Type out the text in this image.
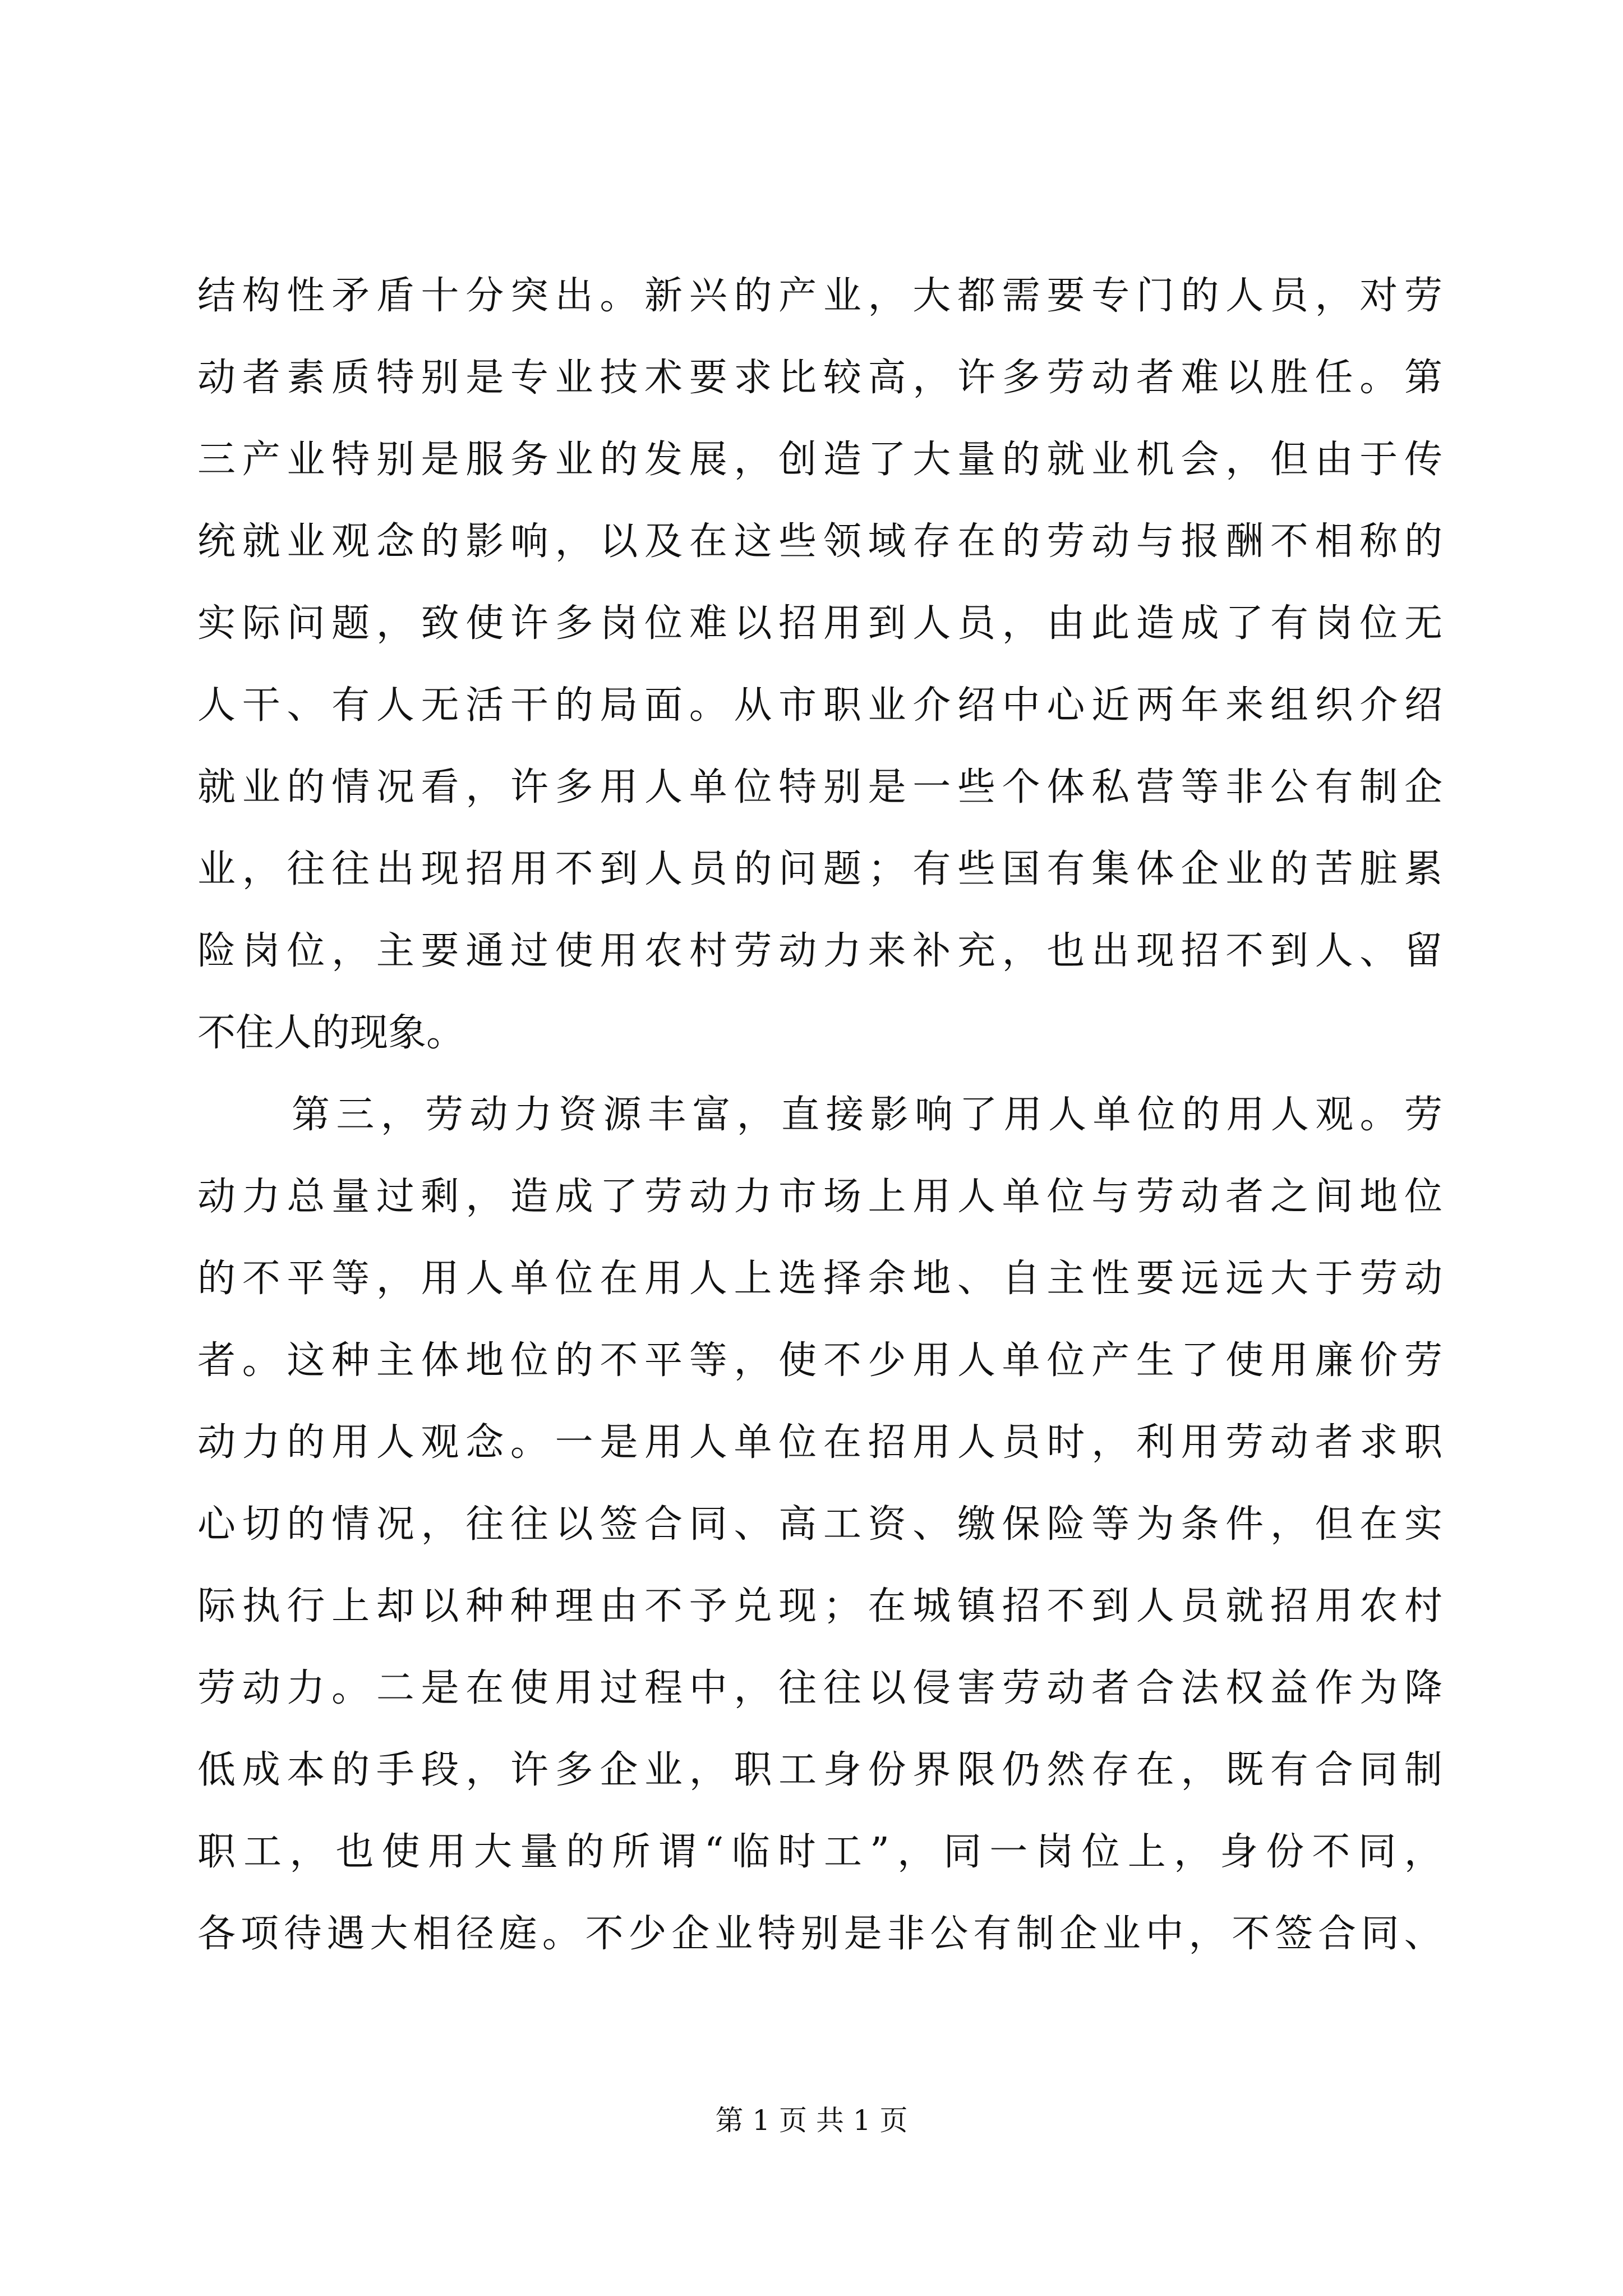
结 构 性 矛 盾 十 分 突 出 。 新 兴 的 产 业 ， 大 都 需 要 专 门 的 人 员 ， 对 劳
动 者 素 质 特 别 是 专 业 技 术 要 求 比 较 高 ， 许 多 劳 动 者 难 以 胜 任 。 第
三 产 业 特 别 是 服 务 业 的 发 展 ， 创 造 了 大 量 的 就 业 机 会 ， 但 由 于 传
统 就 业 观 念 的 影 响 ， 以 及 在 这 些 领 域 存 在 的 劳 动 与 报 酬 不 相 称 的
实 际 问 题 ， 致 使 许 多 岗 位 难 以 招 用 到 人 员 ， 由 此 造 成 了 有 岗 位 无
人 干 、 有 人 无 活 干 的 局 面 。 从 市 职 业 介 绍 中 心 近 两 年 来 组 织 介 绍
就 业 的 情 况 看 ， 许 多 用 人 单 位 特 别 是 一 些 个 体 私 营 等 非 公 有 制 企
业 ， 往 往 出 现 招 用 不 到 人 员 的 问 题 ； 有 些 国 有 集 体 企 业 的 苦 脏 累
险 岗 位 ， 主 要 通 过 使 用 农 村 劳 动 力 来 补 充 ， 也 出 现 招 不 到 人 、 留
不 住 人 的 现 象 。
第 三 ， 劳 动 力 资 源 丰 富 ， 直 接 影 响 了 用 人 单 位 的 用 人 观 。 劳
动 力 总 量 过 剩 ， 造 成 了 劳 动 力 市 场 上 用 人 单 位 与 劳 动 者 之 间 地 位
的 不 平 等 ， 用 人 单 位 在 用 人 上 选 择 余 地 、 自 主 性 要 远 远 大 于 劳 动
者 。 这 种 主 体 地 位 的 不 平 等 ， 使 不 少 用 人 单 位 产 生 了 使 用 廉 价 劳
动 力 的 用 人 观 念 。 一 是 用 人 单 位 在 招 用 人 员 时 ， 利 用 劳 动 者 求 职
心 切 的 情 况 ， 往 往 以 签 合 同 、 高 工 资 、 缴 保 险 等 为 条 件 ， 但 在 实
际 执 行 上 却 以 种 种 理 由 不 予 兑 现 ； 在 城 镇 招 不 到 人 员 就 招 用 农 村
劳 动 力 。 二 是 在 使 用 过 程 中 ， 往 往 以 侵 害 劳 动 者 合 法 权 益 作 为 降
低 成 本 的 手 段 ， 许 多 企 业 ， 职 工 身 份 界 限 仍 然 存 在 ， 既 有 合 同 制
职 工 ， 也 使 用 大 量 的 所 谓 “ 临 时 工 ” ， 同 一 岗 位 上 ， 身 份 不 同 ，
各 项 待 遇 大 相 径 庭 。 不 少 企 业 特 别 是 非 公 有 制 企 业 中 ， 不 签 合 同 、
第 1 页 共 1 页
